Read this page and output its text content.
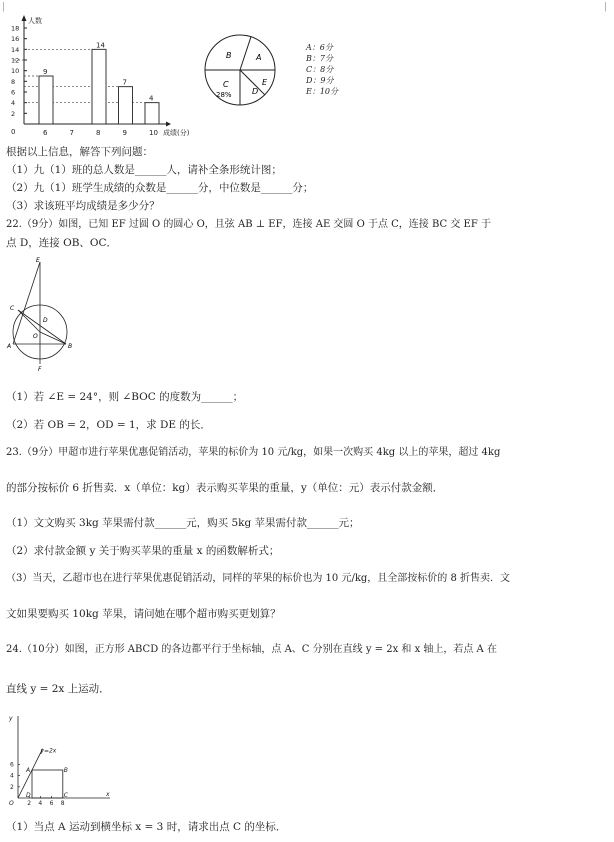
|	|
人数
成绩(分)
0
2
4
6
8
10
12
14
16
18
6
9
7	8
14
9
7
10
4
B	A
E
D
C
28%
A：6分
B：7分
C：8分
D：9分
E：10分
根据以上信息，解答下列问题：
（1）九（1）班的总人数是______人，请补全条形统计图；
（2）九（1）班学生成绩的众数是______分，中位数是______分；
（3）求该班平均成绩是多少分？
22.（9分）如图，已知 EF 过圆 O 的圆心 O，且弦 AB ⊥ EF，连接 AE 交圆 O 于点 C，连接 BC 交 EF 于
点 D，连接 OB、OC．
E
C
D
O
A	B
F
（1）若 ∠E = 24°，则 ∠BOC 的度数为______；
（2）若 OB = 2，OD = 1，求 DE 的长．
23.（9分）甲超市进行苹果优惠促销活动，苹果的标价为 10 元/kg，如果一次购买 4kg 以上的苹果，超过 4kg
的部分按标价 6 折售卖．x（单位：kg）表示购买苹果的重量，y（单位：元）表示付款金额．
（1）文文购买 3kg 苹果需付款______元，购买 5kg 苹果需付款______元；
（2）求付款金额 y 关于购买苹果的重量 x 的函数解析式；
（3）当天，乙超市也在进行苹果优惠促销活动，同样的苹果的标价也为 10 元/kg，且全部按标价的 8 折售卖．文
文如果要购买 10kg 苹果，请问她在哪个超市购买更划算？
24.（10分）如图，正方形 ABCD 的各边都平行于坐标轴，点 A、C 分别在直线 y = 2x 和 x 轴上，若点 A 在
直线 y = 2x 上运动．
y
x
O
2
4
6
2 4 6 8
y=2x
A	B
D	C
（1）当点 A 运动到横坐标 x = 3 时，请求出点 C 的坐标．
